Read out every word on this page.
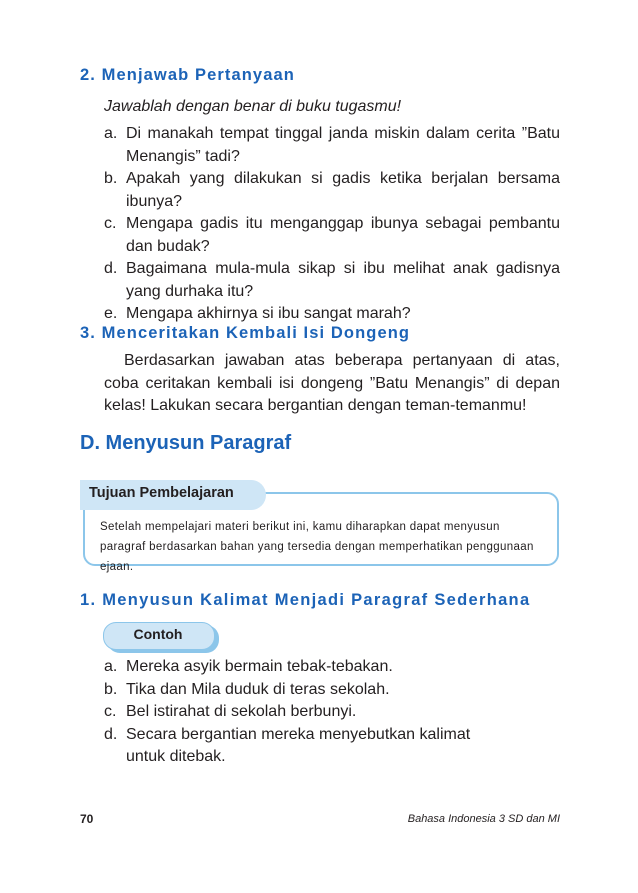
2. Menjawab Pertanyaan
Jawablah dengan benar di buku tugasmu!
a. Di manakah tempat tinggal janda miskin dalam cerita ”Batu Menangis” tadi?
b. Apakah yang dilakukan si gadis ketika berjalan bersama ibunya?
c. Mengapa gadis itu menganggap ibunya sebagai pembantu dan budak?
d. Bagaimana mula-mula sikap si ibu melihat anak gadisnya yang durhaka itu?
e. Mengapa akhirnya si ibu sangat marah?
3. Menceritakan Kembali Isi Dongeng
Berdasarkan jawaban atas beberapa pertanyaan di atas, coba ceritakan kembali isi dongeng ”Batu Menangis” di depan kelas! Lakukan secara bergantian dengan teman-temanmu!
D. Menyusun Paragraf
Tujuan Pembelajaran
Setelah mempelajari materi berikut ini, kamu diharapkan dapat menyusun paragraf berdasarkan bahan yang tersedia dengan memperhatikan penggunaan ejaan.
1. Menyusun Kalimat Menjadi Paragraf Sederhana
Contoh
a. Mereka asyik bermain tebak-tebakan.
b. Tika dan Mila duduk di teras sekolah.
c. Bel istirahat di sekolah berbunyi.
d. Secara bergantian mereka menyebutkan kalimat untuk ditebak.
70	Bahasa Indonesia 3 SD dan MI
